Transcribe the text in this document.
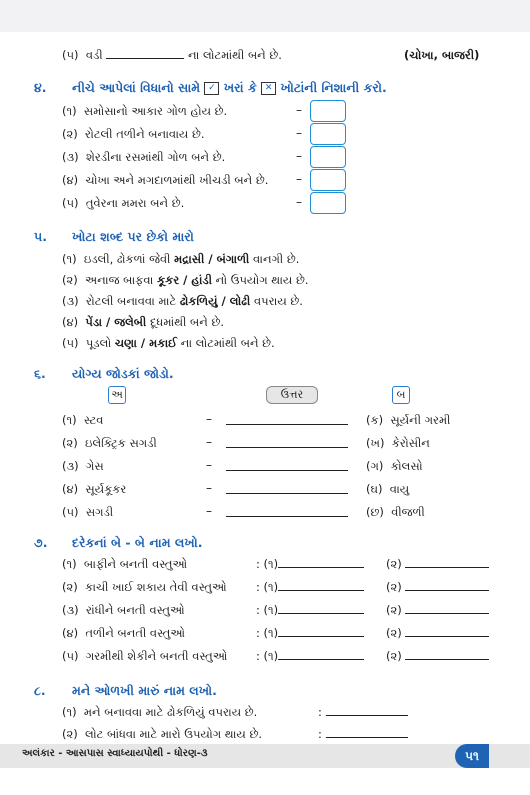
(૫) વડી	ના લોટમાંથી બને છે.	(ચોખા, બાજરી)
૪. નીચે આપેલાં વિધાનો સામે ✓ ખરાં કે ✕ ખોટાંની નિશાની કરો.
(૧) સમોસાનો આકાર ગોળ હોય છે.	–
(૨) રોટલી તળીને બનાવાય છે.	–
(૩) શેરડીના રસમાંથી ગોળ બને છે.	–
(૪) ચોખા અને મગદાળમાંથી ખીચડી બને છે. –
(૫) તુવેરના મમરા બને છે.	–
૫. ખોટા શબ્દ પર છેકો મારો
(૧) ઇડલી, ઢોકળાં જેવી મદ્રાસી / બંગાળી વાનગી છે.
(૨) અનાજ બાફવા કૂકર / હાંડી નો ઉપયોગ થાય છે.
(૩) રોટલી બનાવવા માટે ઢોકળિયું / લોઢી વપરાય છે.
(૪) પેંડા / જલેબી દૂધમાંથી બને છે.
(૫) પૂડલો ચણા / મકાઈ ના લોટમાંથી બને છે.
૬. યોગ્ય જોડકાં જોડો.
અ	ઉત્તર	બ
(૧) સ્ટવ	–	(ક) સૂર્યની ગરમી
(૨) ઇલેક્ટ્રિક સગડી	–	(ખ) કેરોસીન
(૩) ગેસ	–	(ગ) કોલસો
(૪) સૂર્યકૂકર	–	(ઘ) વાયુ
(૫) સગડી	–	(છ) વીજળી
૭. દરેકનાં બે - બે નામ લખો.
(૧) બાફીને બનતી વસ્તુઓ	: (૧)	(૨)
(૨) કાચી ખાઈ શકાય તેવી વસ્તુઓ	: (૧)	(૨)
(૩) રાંધીને બનતી વસ્તુઓ	: (૧)	(૨)
(૪) તળીને બનતી વસ્તુઓ	: (૧)	(૨)
(૫) ગરમીથી શેકીને બનતી વસ્તુઓ : (૧)	(૨)
૮. મને ઓળખી મારું નામ લખો.
(૧) મને બનાવવા માટે ઢોકળિયું વપરાય છે.	:
(૨) લોટ બાંધવા માટે મારો ઉપયોગ થાય છે.	:
અલંકાર - આસપાસ સ્વાધ્યાયપોથી - ધોરણ-૩	૫૧
